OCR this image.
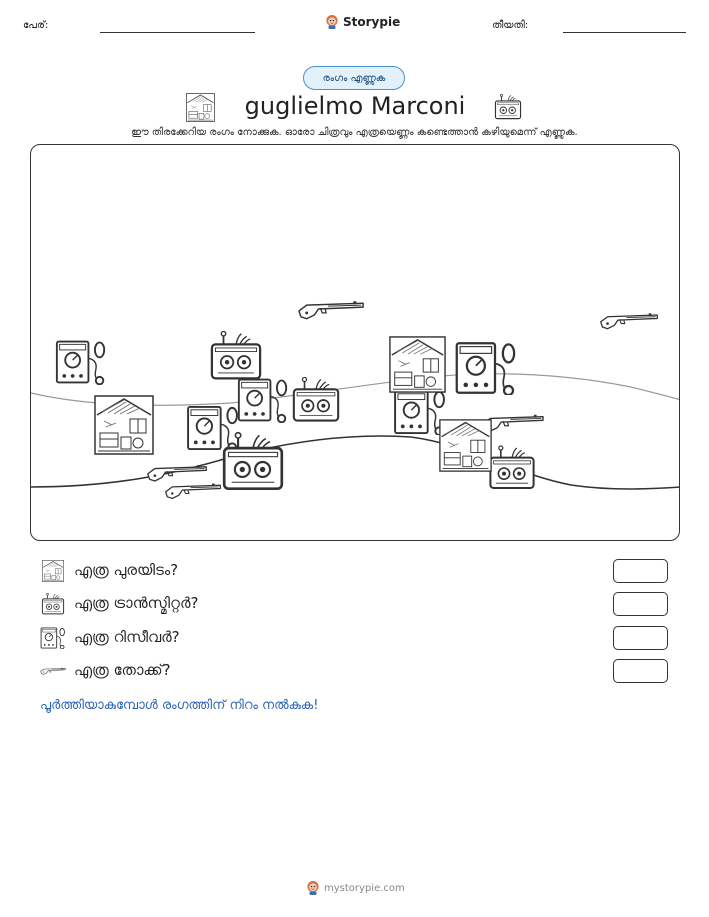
പേര്:	Storypie	തീയതി:
രംഗം എണ്ണുക
guglielmo Marconi
ഈ തിരക്കേറിയ രംഗം നോക്കുക. ഓരോ ചിത്രവും എത്രയെണ്ണം കണ്ടെത്താൻ കഴിയുമെന്ന് എണ്ണുക.
എത്ര പുരയിടം?
എത്ര ട്രാൻസ്മിറ്റർ?
എത്ര റിസീവർ?
എത്ര തോക്ക്?
പൂർത്തിയാകുമ്പോൾ രംഗത്തിന് നിറം നൽകുക!
mystorypie.com
